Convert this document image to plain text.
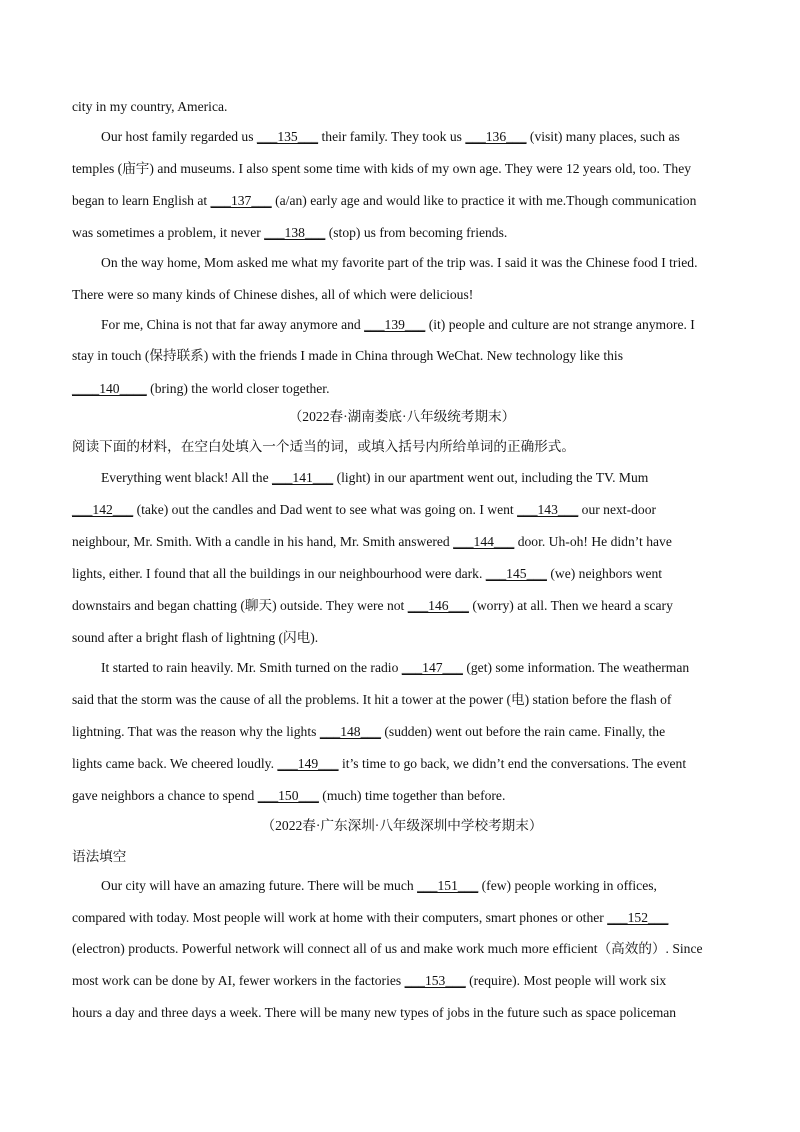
city in my country, America.
Our host family regarded us ___135___ their family. They took us ___136___ (visit) many places, such as
temples (庙宇) and museums. I also spent some time with kids of my own age. They were 12 years old, too. They
began to learn English at ___137___ (a/an) early age and would like to practice it with me.Though communication
was sometimes a problem, it never ___138___ (stop) us from becoming friends.
On the way home, Mom asked me what my favorite part of the trip was. I said it was the Chinese food I tried.
There were so many kinds of Chinese dishes, all of which were delicious!
For me, China is not that far away anymore and ___139___ (it) people and culture are not strange anymore. I
stay in touch (保持联系) with the friends I made in China through WeChat. New technology like this
____140____ (bring) the world closer together.
（2022春·湖南娄底·八年级统考期末）
阅读下面的材料，在空白处填入一个适当的词，或填入括号内所给单词的正确形式。
Everything went black! All the ___141___ (light) in our apartment went out, including the TV. Mum
___142___ (take) out the candles and Dad went to see what was going on. I went ___143___ our next-door
neighbour, Mr. Smith. With a candle in his hand, Mr. Smith answered ___144___ door. Uh-oh! He didn’t have
lights, either. I found that all the buildings in our neighbourhood were dark. ___145___ (we) neighbors went
downstairs and began chatting (聊天) outside. They were not ___146___ (worry) at all. Then we heard a scary
sound after a bright flash of lightning (闪电).
It started to rain heavily. Mr. Smith turned on the radio ___147___ (get) some information. The weatherman
said that the storm was the cause of all the problems. It hit a tower at the power (电) station before the flash of
lightning. That was the reason why the lights ___148___ (sudden) went out before the rain came. Finally, the
lights came back. We cheered loudly. ___149___ it’s time to go back, we didn’t end the conversations. The event
gave neighbors a chance to spend ___150___ (much) time together than before.
（2022春·广东深圳·八年级深圳中学校考期末）
语法填空
Our city will have an amazing future. There will be much ___151___ (few) people working in offices,
compared with today. Most people will work at home with their computers, smart phones or other ___152___
(electron) products. Powerful network will connect all of us and make work much more efficient（高效的）. Since
most work can be done by AI, fewer workers in the factories ___153___ (require). Most people will work six
hours a day and three days a week. There will be many new types of jobs in the future such as space policeman
